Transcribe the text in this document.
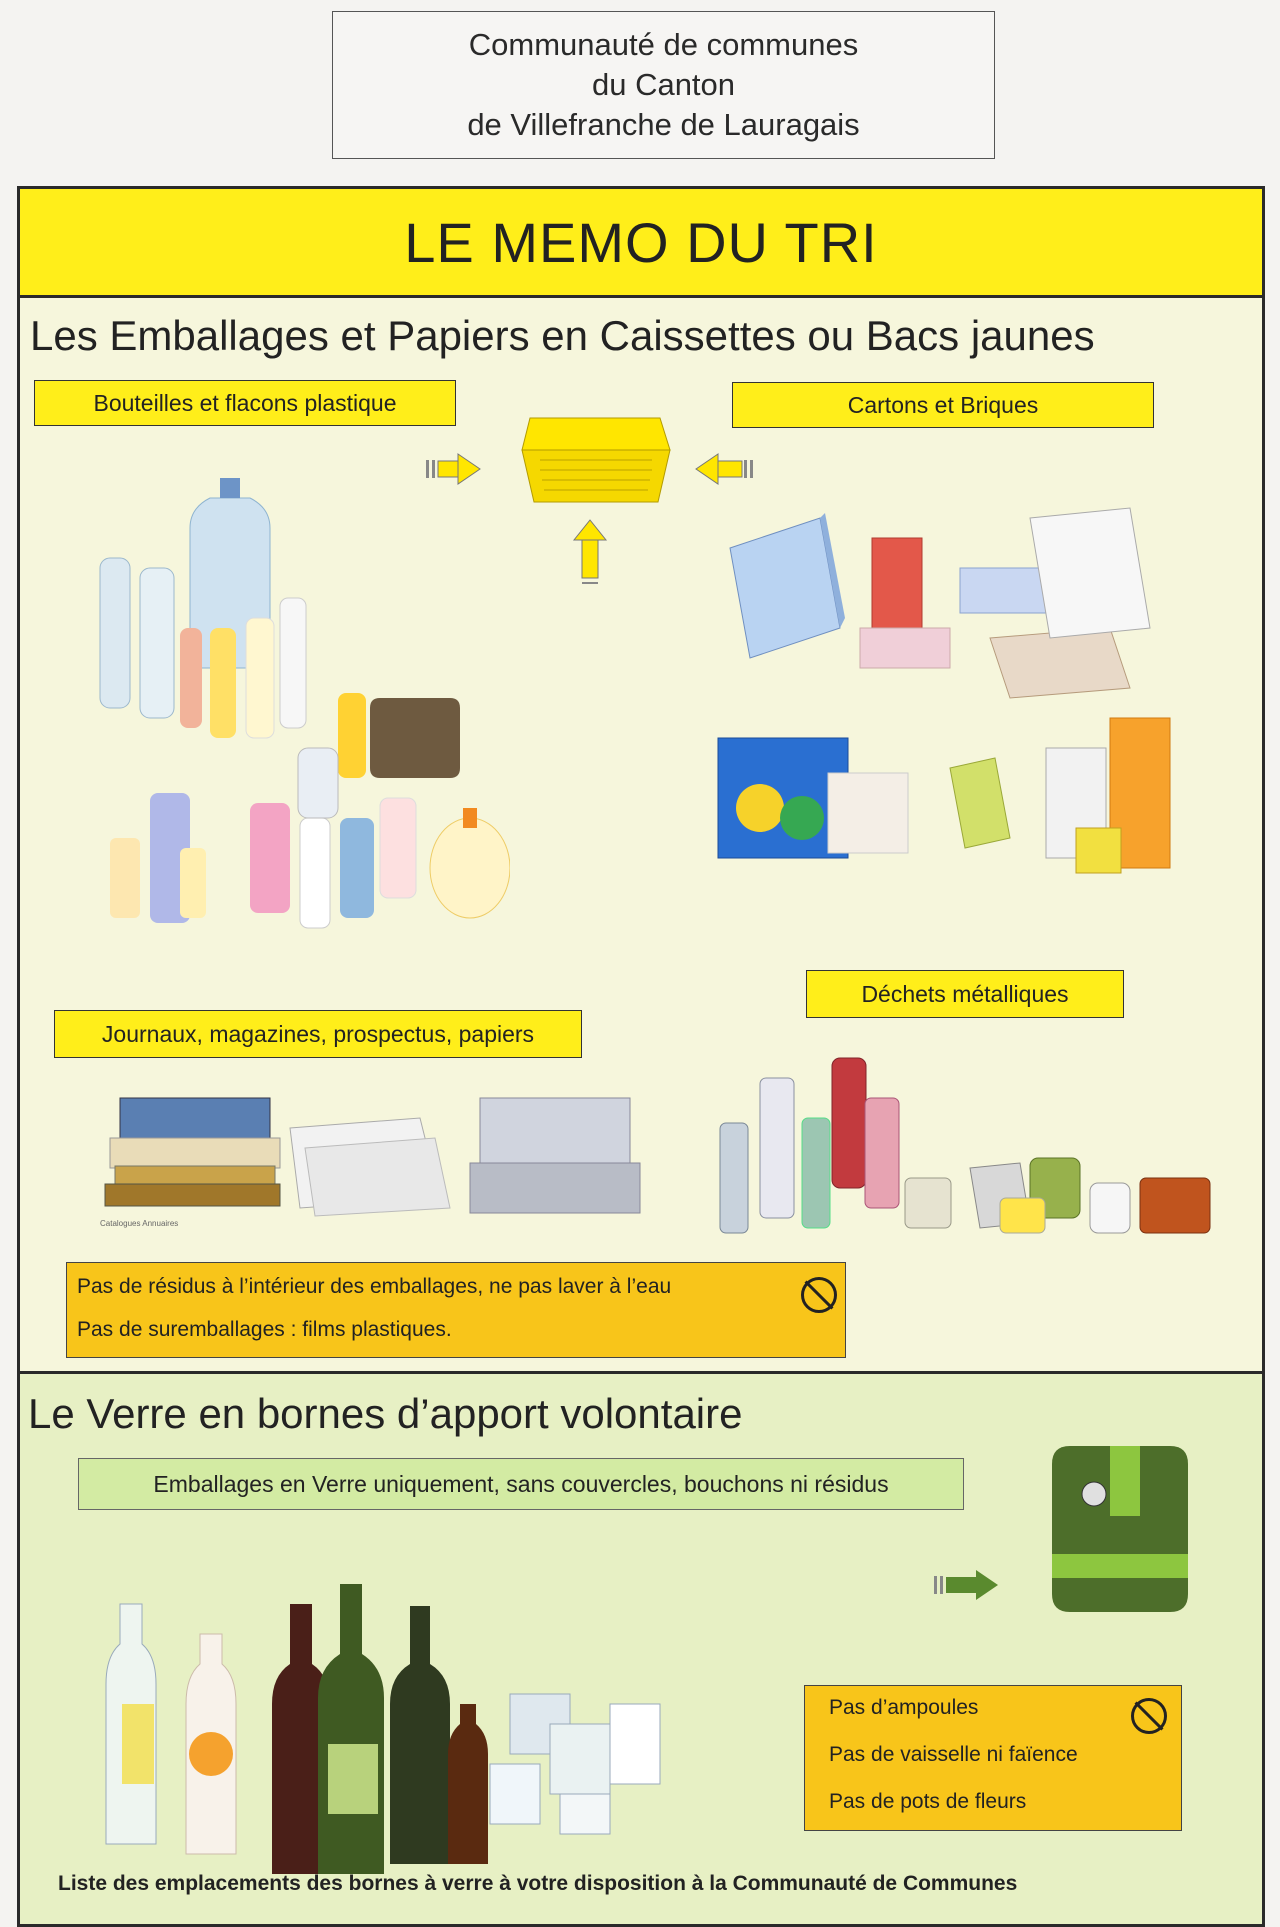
Communauté de communes
du Canton
de Villefranche de Lauragais
LE MEMO DU TRI
Les Emballages et Papiers en Caissettes ou Bacs jaunes
Bouteilles et flacons plastique	Cartons et Briques
Journaux, magazines, prospectus, papiers
Déchets métalliques
Catalogues Annuaires
Pas de résidus à l’intérieur des emballages, ne pas laver à l’eau
Pas de suremballages : films plastiques.
Le Verre en bornes d’apport volontaire
Emballages en Verre uniquement, sans couvercles, bouchons ni résidus
Pas d’ampoules
Pas de vaisselle ni faïence
Pas de pots de fleurs
Liste des emplacements des bornes à verre à votre disposition à la Communauté de Communes
